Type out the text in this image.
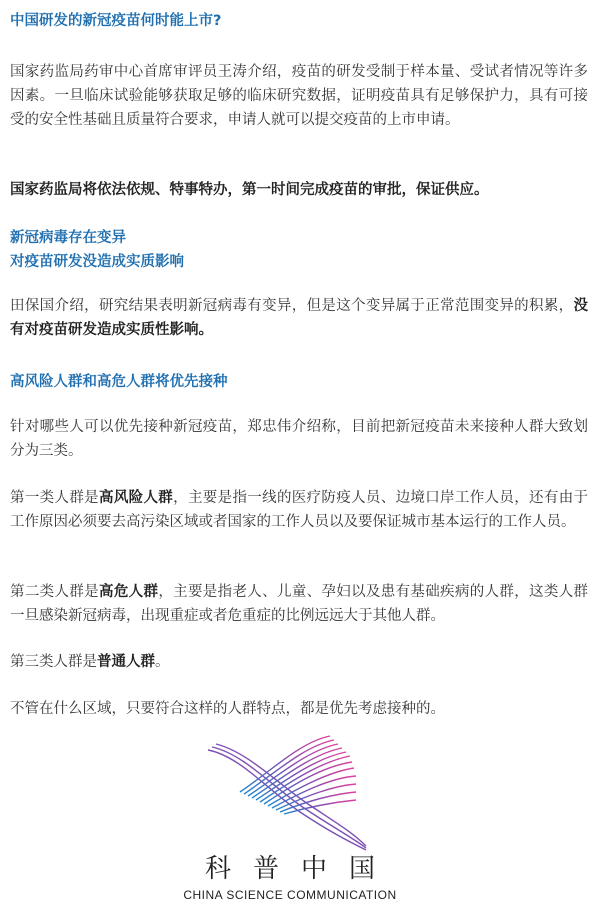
中国研发的新冠疫苗何时能上市?

国家药监局药审中心首席审评员王涛介绍，疫苗的研发受制于样本量、受试者情况等许多因素。一旦临床试验能够获取足够的临床研究数据，证明疫苗具有足够保护力，具有可接受的安全性基础且质量符合要求，申请人就可以提交疫苗的上市申请。

国家药监局将依法依规、特事特办，第一时间完成疫苗的审批，保证供应。

新冠病毒存在变异
对疫苗研发没造成实质影响

田保国介绍，研究结果表明新冠病毒有变异，但是这个变异属于正常范围变异的积累，没有对疫苗研发造成实质性影响。

高风险人群和高危人群将优先接种

针对哪些人可以优先接种新冠疫苗，郑忠伟介绍称，目前把新冠疫苗未来接种人群大致划分为三类。

第一类人群是高风险人群，主要是指一线的医疗防疫人员、边境口岸工作人员，还有由于工作原因必须要去高污染区域或者国家的工作人员以及要保证城市基本运行的工作人员。

第二类人群是高危人群，主要是指老人、儿童、孕妇以及患有基础疾病的人群，这类人群一旦感染新冠病毒，出现重症或者危重症的比例远远大于其他人群。

第三类人群是普通人群。

不管在什么区域，只要符合这样的人群特点，都是优先考虑接种的。

科普中国
CHINA SCIENCE COMMUNICATION
